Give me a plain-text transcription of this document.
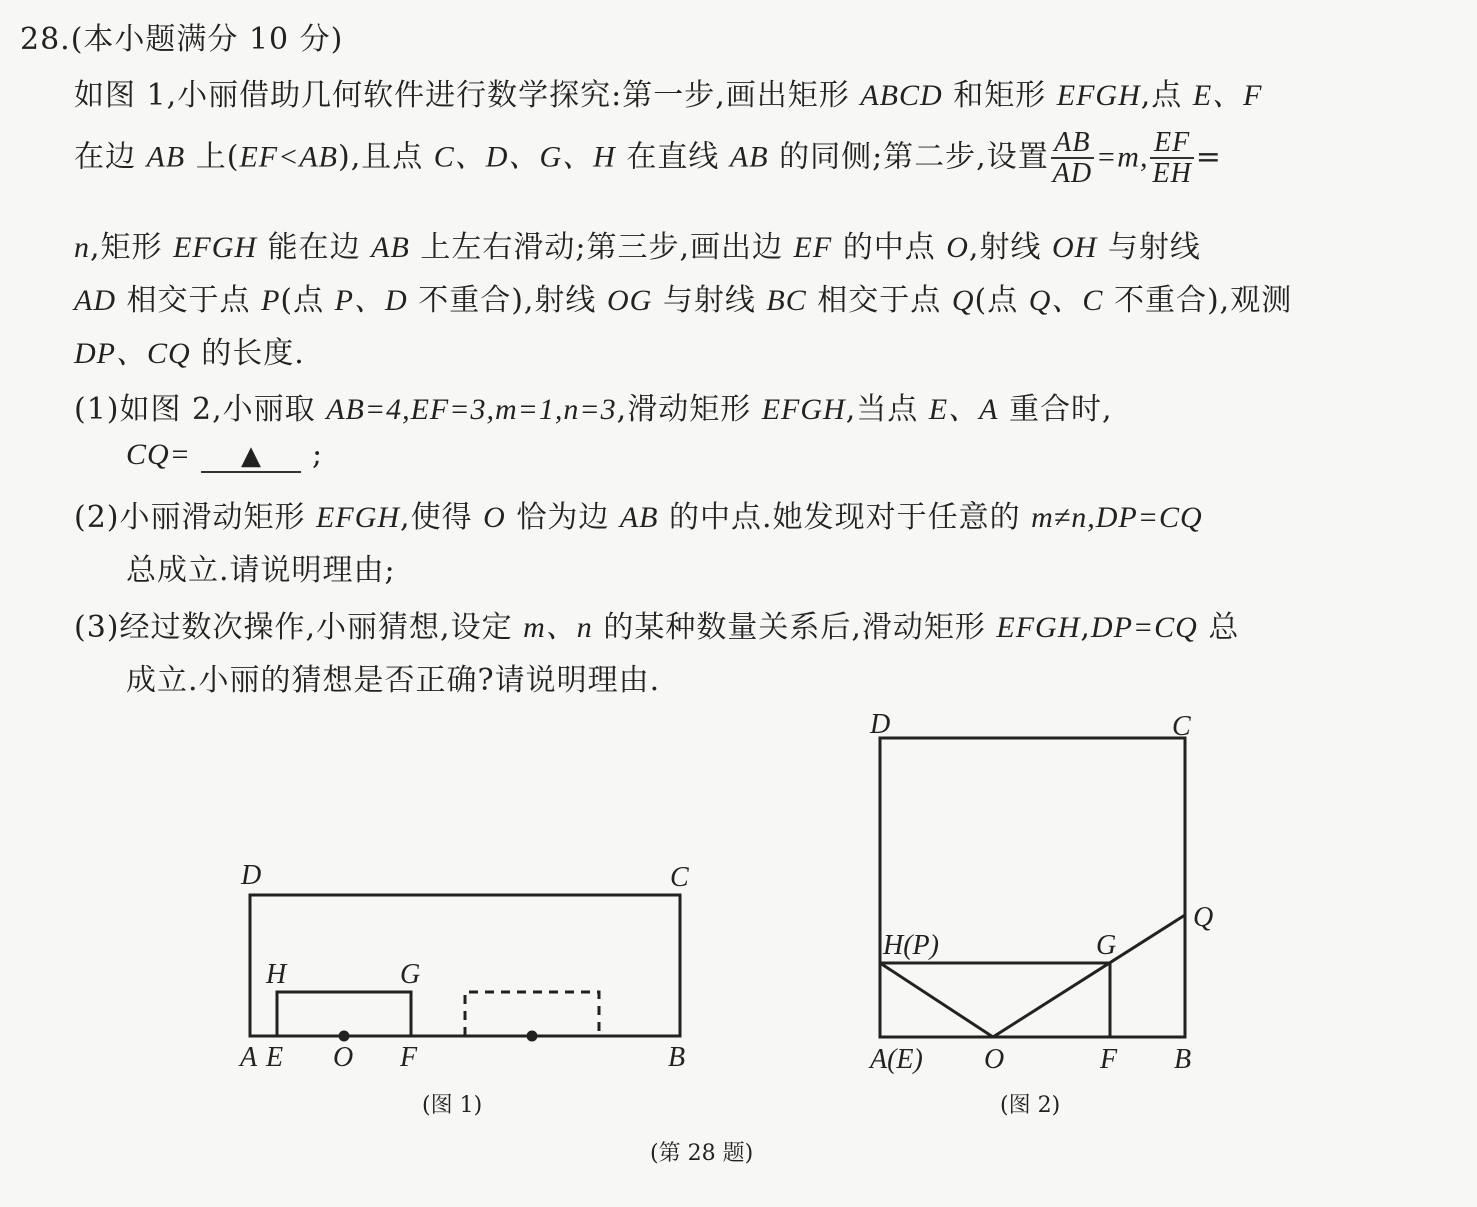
28.(本小题满分 10 分)
如图 1,小丽借助几何软件进行数学探究:第一步,画出矩形 ABCD 和矩形 EFGH,点 E、F
在边 AB 上(EF<AB),且点 C、D、G、H 在直线 AB 的同侧;第二步,设置 $\frac{AB}{AD} =m$, $\frac{EF}{EH}$ =
n,矩形 EFGH 能在边 AB 上左右滑动;第三步,画出边 EF 的中点 O,射线 OH 与射线
AD 相交于点 P(点 P、D 不重合),射线 OG 与射线 BC 相交于点 Q(点 Q、C 不重合),观测
DP、CQ 的长度.
(1)如图 2,小丽取 AB=4,EF=3,m=1,n=3,滑动矩形 EFGH,当点 E、A 重合时,
CQ= ▲ ;
(2)小丽滑动矩形 EFGH,使得 O 恰为边 AB 的中点.她发现对于任意的 m≠n,DP=CQ
总成立.请说明理由;
(3)经过数次操作,小丽猜想,设定 m、n 的某种数量关系后,滑动矩形 EFGH,DP=CQ 总
成立.小丽的猜想是否正确?请说明理由.
D	C
H	G
A E O F	B
(图 1)
D	C
H(P)	G
Q
A(E) O	F B
(图 2)
(第 28 题)
